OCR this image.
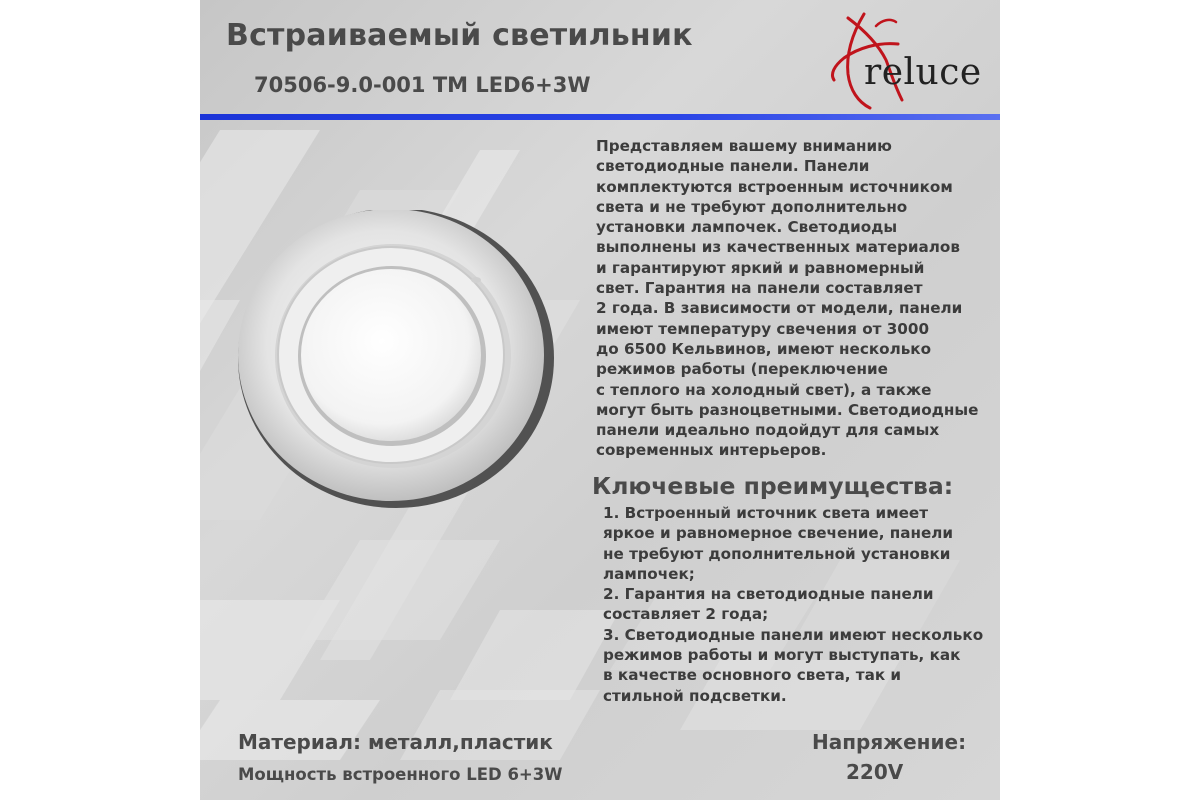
Встраиваемый светильник
70506-9.0-001 TM LED6+3W	reluce

Представляем вашему вниманию
светодиодные панели. Панели
комплектуются встроенным источником
света и не требуют дополнительно
установки лампочек. Светодиоды
выполнены из качественных материалов
и гарантируют яркий и равномерный
свет. Гарантия на панели составляет
2 года. В зависимости от модели, панели
имеют температуру свечения от 3000
до 6500 Кельвинов, имеют несколько
режимов работы (переключение
с теплого на холодный свет), а также
могут быть разноцветными. Светодиодные
панели идеально подойдут для самых
современных интерьеров.

Ключевые преимущества:

1. Встроенный источник света имеет
яркое и равномерное свечение, панели
не требуют дополнительной установки
лампочек;
2. Гарантия на светодиодные панели
составляет 2 года;
3. Светодиодные панели имеют несколько
режимов работы и могут выступать, как
в качестве основного света, так и
стильной подсветки.

Материал: металл,пластик
Мощность встроенного LED 6+3W
Напряжение:
220V
